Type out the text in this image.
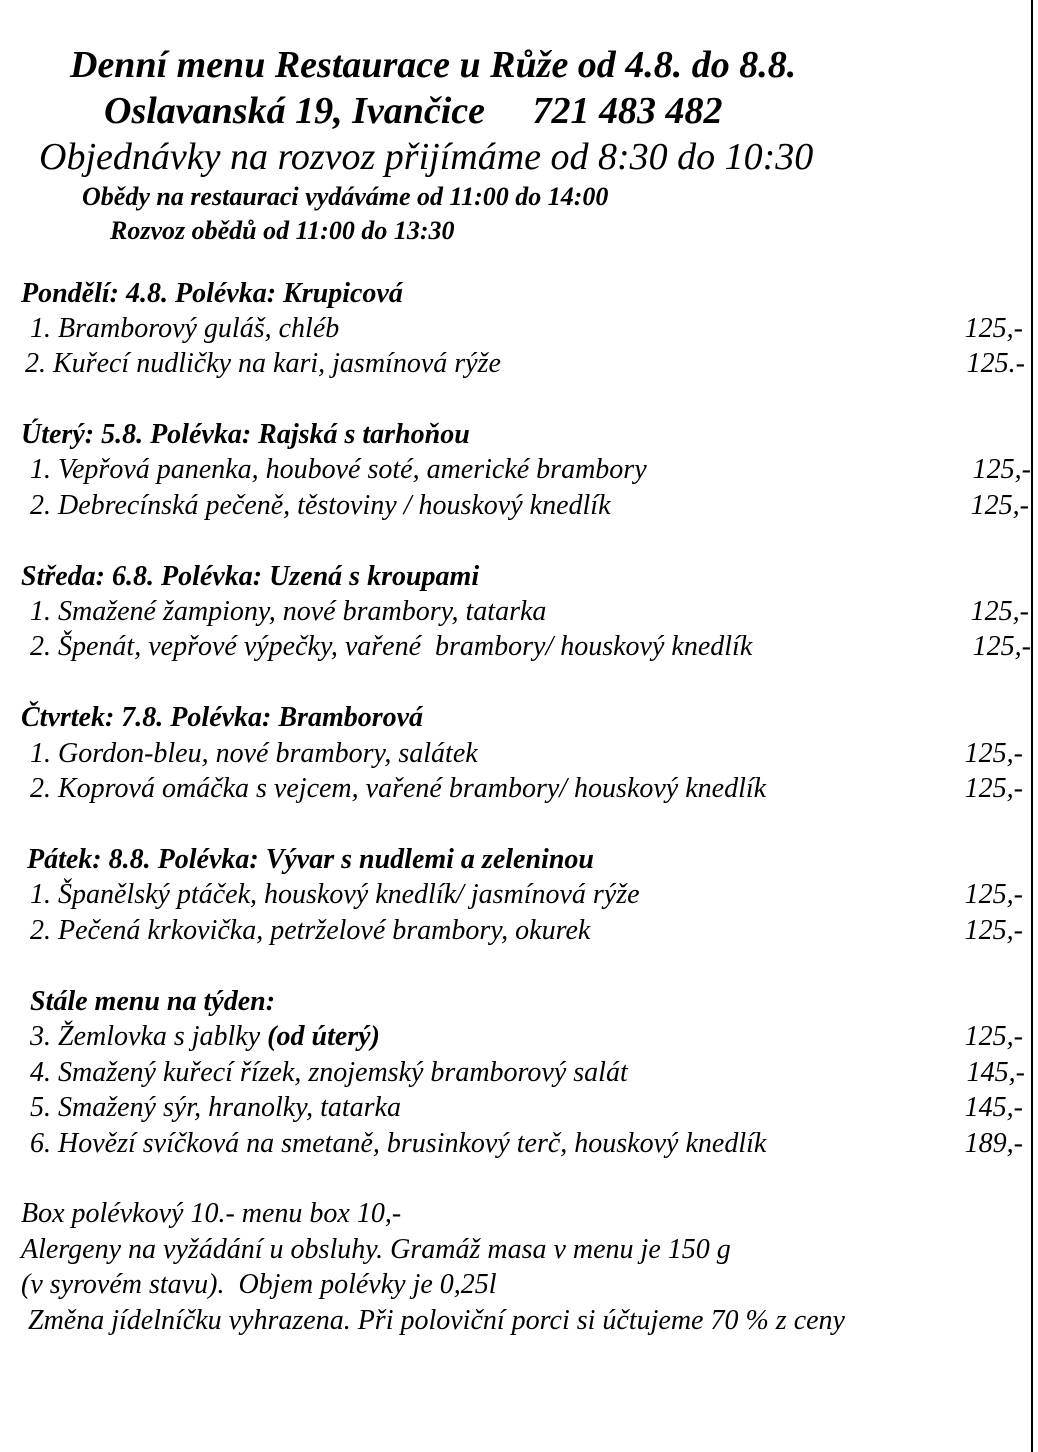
Denní menu Restaurace u Růže od 4.8. do 8.8.
Oslavanská 19, Ivančice     721 483 482
Objednávky na rozvoz přijímáme od 8:30 do 10:30
Obědy na restauraci vydáváme od 11:00 do 14:00
Rozvoz obědů od 11:00 do 13:30
Pondělí: 4.8. Polévka: Krupicová
1. Bramborový guláš, chléb	125,-
2. Kuřecí nudličky na kari, jasmínová rýže	125.-
Úterý: 5.8. Polévka: Rajská s tarhoňou
1. Vepřová panenka, houbové soté, americké brambory	125,-
2. Debrecínská pečeně, těstoviny / houskový knedlík	125,-
Středa: 6.8. Polévka: Uzená s kroupami
1. Smažené žampiony, nové brambory, tatarka	125,-
2. Špenát, vepřové výpečky, vařené  brambory/ houskový knedlík	125,-
Čtvrtek: 7.8. Polévka: Bramborová
1. Gordon-bleu, nové brambory, salátek	125,-
2. Koprová omáčka s vejcem, vařené brambory/ houskový knedlík	125,-
Pátek: 8.8. Polévka: Vývar s nudlemi a zeleninou
1. Španělský ptáček, houskový knedlík/ jasmínová rýže	125,-
2. Pečená krkovička, petrželové brambory, okurek	125,-
Stále menu na týden:
3. Žemlovka s jablky (od úterý)	125,-
4. Smažený kuřecí řízek, znojemský bramborový salát	145,-
5. Smažený sýr, hranolky, tatarka	145,-
6. Hovězí svíčková na smetaně, brusinkový terč, houskový knedlík	189,-
Box polévkový 10.- menu box 10,-
Alergeny na vyžádání u obsluhy. Gramáž masa v menu je 150 g
(v syrovém stavu).  Objem polévky je 0,25l
Změna jídelníčku vyhrazena. Při poloviční porci si účtujeme 70 % z ceny
